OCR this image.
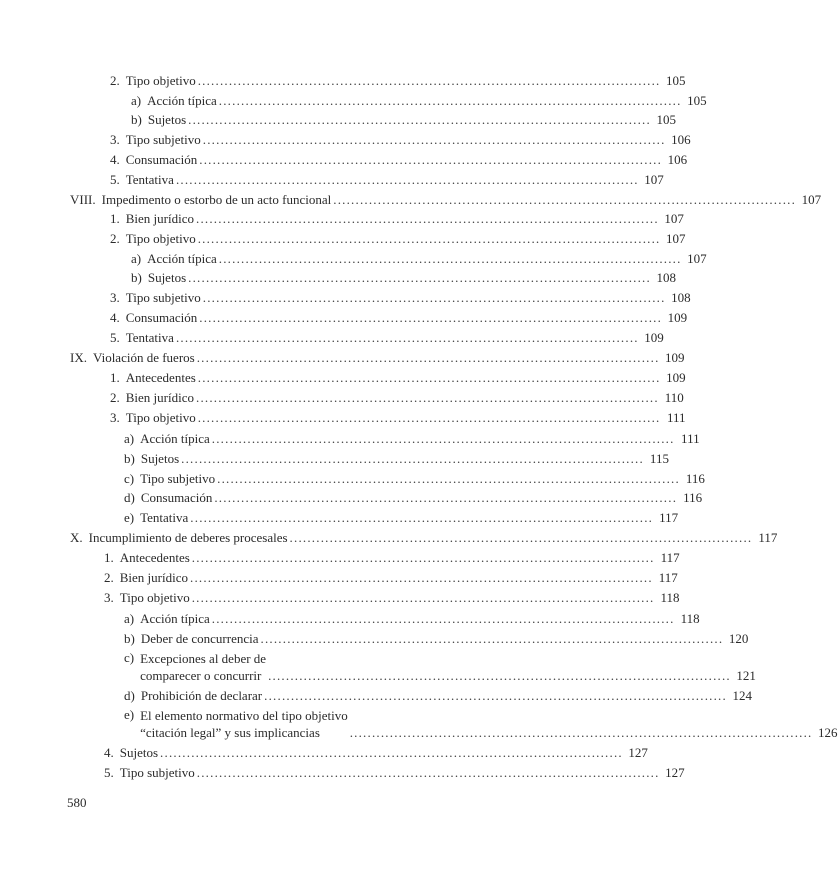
2. Tipo objetivo ........................................................................................................ 105
a) Acción típica ........................................................................................................ 105
b) Sujetos ........................................................................................................ 105
3. Tipo subjetivo ........................................................................................................ 106
4. Consumación ........................................................................................................ 106
5. Tentativa ........................................................................................................ 107
VIII. Impedimento o estorbo de un acto funcional ........................................................................................................ 107
1. Bien jurídico ........................................................................................................ 107
2. Tipo objetivo ........................................................................................................ 107
a) Acción típica ........................................................................................................ 107
b) Sujetos ........................................................................................................ 108
3. Tipo subjetivo ........................................................................................................ 108
4. Consumación ........................................................................................................ 109
5. Tentativa ........................................................................................................ 109
IX. Violación de fueros ........................................................................................................ 109
1. Antecedentes ........................................................................................................ 109
2. Bien jurídico ........................................................................................................ 110
3. Tipo objetivo ........................................................................................................ 111
a) Acción típica ........................................................................................................ 111
b) Sujetos ........................................................................................................ 115
c) Tipo subjetivo ........................................................................................................ 116
d) Consumación ........................................................................................................ 116
e) Tentativa ........................................................................................................ 117
X. Incumplimiento de deberes procesales ........................................................................................................ 117
1. Antecedentes ........................................................................................................ 117
2. Bien jurídico ........................................................................................................ 117
3. Tipo objetivo ........................................................................................................ 118
a) Acción típica ........................................................................................................ 118
b) Deber de concurrencia ........................................................................................................ 120
c) Excepciones al deber de
comparecer o concurrir ........................................................................................................ 121
d) Prohibición de declarar ........................................................................................................ 124
e) El elemento normativo del tipo objetivo
“citación legal” y sus implicancias	........................................................................................................ 126
4. Sujetos ........................................................................................................ 127
5. Tipo subjetivo ........................................................................................................ 127
580
